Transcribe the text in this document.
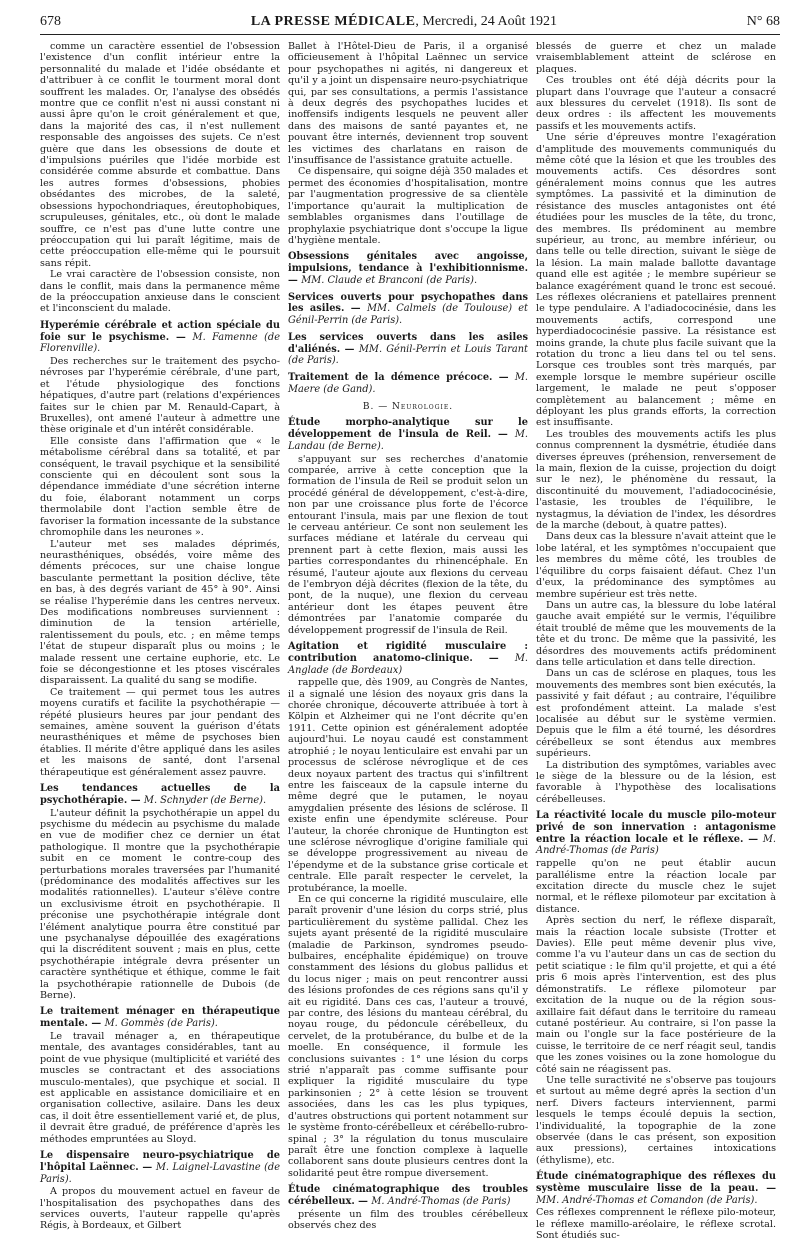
678	LA PRESSE MÉDICALE, Mercredi, 24 Août 1921	N° 68

comme un caractère essentiel de l'obsession l'existence d'un conflit intérieur entre la personnalité du malade et l'idée obsédante et d'attribuer à ce conflit le tourment moral dont souffrent les malades. Or, l'analyse des obsédés montre que ce conflit n'est ni aussi constant ni aussi âpre qu'on le croit généralement et que, dans la majorité des cas, il n'est nullement responsable des angoisses des sujets. Ce n'est guère que dans les obsessions de doute et d'impulsions puériles que l'idée morbide est considérée comme absurde et combattue. Dans les autres formes d'obsessions, phobies obsédantes des microbes, de la saleté, obsessions hypochondriaques, éreutophobiques, scrupuleuses, génitales, etc., où dont le malade souffre, ce n'est pas d'une lutte contre une préoccupation qui lui paraît légitime, mais de cette préoccupation elle-même qui le poursuit sans répit.

Le vrai caractère de l'obsession consiste, non dans le conflit, mais dans la permanence même de la préoccupation anxieuse dans le conscient et l'inconscient du malade.

Hyperémie cérébrale et action spéciale du foie sur le psychisme. — M. Famenne (de Florenville).

Des recherches sur le traitement des psycho-névroses par l'hyperémie cérébrale, d'une part, et l'étude physiologique des fonctions hépatiques, d'autre part (relations d'expériences faites sur le chien par M. Renauld-Capart, à Bruxelles), ont amené l'auteur à admettre une thèse originale et d'un intérêt considérable.

Elle consiste dans l'affirmation que « le métabolisme cérébral dans sa totalité, et par conséquent, le travail psychique et la sensibilité consciente qui en découlent sont sous la dépendance immédiate d'une sécrétion interne du foie, élaborant notamment un corps thermolabile dont l'action semble être de favoriser la formation incessante de la substance chromophile dans les neurones ».

L'auteur met ses malades déprimés, neurasthéniques, obsédés, voire même des déments précoces, sur une chaise longue basculante permettant la position déclive, tête en bas, à des degrés variant de 45° à 90°. Ainsi se réalise l'hyperémie dans les centres nerveux. Des modifications nombreuses surviennent : diminution de la tension artérielle, ralentissement du pouls, etc. ; en même temps l'état de stupeur disparaît plus ou moins ; le malade ressent une certaine euphorie, etc. Le foie se décongestionne et les ptoses viscérales disparaissent. La qualité du sang se modifie.

Ce traitement — qui permet tous les autres moyens curatifs et facilite la psychothérapie — répété plusieurs heures par jour pendant des semaines, amène souvent la guérison d'états neurasthéniques et même de psychoses bien établies. Il mérite d'être appliqué dans les asiles et les maisons de santé, dont l'arsenal thérapeutique est généralement assez pauvre.

Les tendances actuelles de la psychothérapie. — M. Schnyder (de Berne).

L'auteur définit la psychothérapie un appel du psychisme du médecin au psychisme du malade en vue de modifier chez ce dernier un état pathologique. Il montre que la psychothérapie subit en ce moment le contre-coup des perturbations morales traversées par l'humanité (prédominance des modalités affectives sur les modalités rationnelles). L'auteur s'élève contre un exclusivisme étroit en psychothérapie. Il préconise une psychothérapie intégrale dont l'élément analytique pourra être constitué par une psychanalyse dépouillée des exagérations qui la discréditent souvent ; mais en plus, cette psychothérapie intégrale devra présenter un caractère synthétique et éthique, comme le fait la psychothérapie rationnelle de Dubois (de Berne).

Le traitement ménager en thérapeutique mentale. — M. Gommès (de Paris).

Le travail ménager a, en thérapeutique mentale, des avantages considérables, tant au point de vue physique (multiplicité et variété des muscles se contractant et des associations musculo-mentales), que psychique et social. Il est applicable en assistance domiciliaire et en organisation collective, asilaire. Dans les deux cas, il doit être essentiellement varié et, de plus, il devrait être gradué, de préférence d'après les méthodes empruntées au Sloyd.

Le dispensaire neuro-psychiatrique de l'hôpital Laënnec. — M. Laignel-Lavastine (de Paris).

A propos du mouvement actuel en faveur de l'hospitalisation des psychopathes dans des services ouverts, l'auteur rappelle qu'après Régis, à Bordeaux, et Gilbert

Ballet à l'Hôtel-Dieu de Paris, il a organisé officieusement à l'hôpital Laënnec un service pour psychopathes ni agités, ni dangereux et qu'il y a joint un dispensaire neuro-psychiatrique qui, par ses consultations, a permis l'assistance à deux degrés des psychopathes lucides et inoffensifs indigents lesquels ne peuvent aller dans des maisons de santé payantes et, ne pouvant être internés, deviennent trop souvent les victimes des charlatans en raison de l'insuffisance de l'assistance gratuite actuelle.

Ce dispensaire, qui soigne déjà 350 malades et permet des économies d'hospitalisation, montre par l'augmentation progressive de sa clientèle l'importance qu'aurait la multiplication de semblables organismes dans l'outillage de prophylaxie psychiatrique dont s'occupe la ligue d'hygiène mentale.

Obsessions génitales avec angoisse, impulsions, tendance à l'exhibitionnisme. — MM. Claude et Branconi (de Paris).
Services ouverts pour psychopathes dans les asiles. — MM. Calmels (de Toulouse) et Génil-Perrin (de Paris).
Les services ouverts dans les asiles d'aliénés. — MM. Génil-Perrin et Louis Tarant (de Paris).
Traitement de la démence précoce. — M. Maere (de Gand).
B. — Neurologie.
Étude morpho-analytique sur le développement de l'insula de Reil. — M. Landau (de Berne).

s'appuyant sur ses recherches d'anatomie comparée, arrive à cette conception que la formation de l'insula de Reil se produit selon un procédé général de développement, c'est-à-dire, non par une croissance plus forte de l'écorce entourant l'insula, mais par une flexion de tout le cerveau antérieur. Ce sont non seulement les surfaces médiane et latérale du cerveau qui prennent part à cette flexion, mais aussi les parties correspondantes du rhinencéphale. En résumé, l'auteur ajoute aux flexions du cerveau de l'embryon déjà décrites (flexion de la tête, du pont, de la nuque), une flexion du cerveau antérieur dont les étapes peuvent être démontrées par l'anatomie comparée du développement progressif de l'insula de Reil.

Agitation et rigidité musculaire : contribution anatomo-clinique. — M. Anglade (de Bordeaux)

rappelle que, dès 1909, au Congrès de Nantes, il a signalé une lésion des noyaux gris dans la chorée chronique, découverte attribuée à tort à Kölpin et Alzheimer qui ne l'ont décrite qu'en 1911. Cette opinion est généralement adoptée aujourd'hui. Le noyau caudé est constamment atrophié ; le noyau lenticulaire est envahi par un processus de sclérose névroglique et de ces deux noyaux partent des tractus qui s'infiltrent entre les faisceaux de la capsule interne du même degré que le putamen, le noyau amygdalien présente des lésions de sclérose. Il existe enfin une épendymite scléreuse. Pour l'auteur, la chorée chronique de Huntington est une sclérose névroglique d'origine familiale qui se développe progressivement au niveau de l'épendyme et de la substance grise corticale et centrale. Elle paraît respecter le cervelet, la protubérance, la moelle.

En ce qui concerne la rigidité musculaire, elle paraît provenir d'une lésion du corps strié, plus particulièrement du système pallidal. Chez les sujets ayant présenté de la rigidité musculaire (maladie de Parkinson, syndromes pseudo-bulbaires, encéphalite épidémique) on trouve constamment des lésions du globus pallidus et du locus niger ; mais on peut rencontrer aussi des lésions profondes de ces régions sans qu'il y ait eu rigidité. Dans ces cas, l'auteur a trouvé, par contre, des lésions du manteau cérébral, du noyau rouge, du pédoncule cérébelleux, du cervelet, de la protubérance, du bulbe et de la moelle. En conséquence, il formule les conclusions suivantes : 1° une lésion du corps strié n'apparaît pas comme suffisante pour expliquer la rigidité musculaire du type parkinsonien ; 2° à cette lésion se trouvent associées, dans les cas les plus typiques, d'autres obstructions qui portent notamment sur le système fronto-cérébelleux et cérébello-rubro-spinal ; 3° la régulation du tonus musculaire paraît être une fonction complexe à laquelle collaborent sans doute plusieurs centres dont la solidarité peut être rompue diversement.

Étude cinématographique des troubles cérébelleux. — M. André-Thomas (de Paris)

présente un film des troubles cérébelleux observés chez des

blessés de guerre et chez un malade vraisemblablement atteint de sclérose en plaques.

Ces troubles ont été déjà décrits pour la plupart dans l'ouvrage que l'auteur a consacré aux blessures du cervelet (1918). Ils sont de deux ordres : ils affectent les mouvements passifs et les mouvements actifs.

Une série d'épreuves montre l'exagération d'amplitude des mouvements communiqués du même côté que la lésion et que les troubles des mouvements actifs. Ces désordres sont généralement moins connus que les autres symptômes. La passivité et la diminution de résistance des muscles antagonistes ont été étudiées pour les muscles de la tête, du tronc, des membres. Ils prédominent au membre supérieur, au tronc, au membre inférieur, ou dans telle ou telle direction, suivant le siège de la lésion. La main malade ballotte davantage quand elle est agitée ; le membre supérieur se balance exagérément quand le tronc est secoué. Les réflexes olécraniens et patellaires prennent le type pendulaire. A l'adiadococinésie, dans les mouvements actifs, correspond une hyperdiadococinésie passive. La résistance est moins grande, la chute plus facile suivant que la rotation du tronc a lieu dans tel ou tel sens. Lorsque ces troubles sont très marqués, par exemple lorsque le membre supérieur oscille largement, le malade ne peut s'opposer complètement au balancement ; même en déployant les plus grands efforts, la correction est insuffisante.

Les troubles des mouvements actifs les plus connus comprennent la dysmétrie, étudiée dans diverses épreuves (préhension, renversement de la main, flexion de la cuisse, projection du doigt sur le nez), le phénomène du ressaut, la discontinuité du mouvement, l'adiadococinésie, l'astasie, les troubles de l'équilibre, le nystagmus, la déviation de l'index, les désordres de la marche (debout, à quatre pattes).

Dans deux cas la blessure n'avait atteint que le lobe latéral, et les symptômes n'occupaient que les membres du même côté, les troubles de l'équilibre du corps faisaient défaut. Chez l'un d'eux, la prédominance des symptômes au membre supérieur est très nette.

Dans un autre cas, la blessure du lobe latéral gauche avait empiété sur le vermis, l'équilibre était troublé de même que les mouvements de la tête et du tronc. De même que la passivité, les désordres des mouvements actifs prédominent dans telle articulation et dans telle direction.

Dans un cas de sclérose en plaques, tous les mouvements des membres sont bien exécutés, la passivité y fait défaut ; au contraire, l'équilibre est profondément atteint. La malade s'est localisée au début sur le système vermien. Depuis que le film a été tourné, les désordres cérébelleux se sont étendus aux membres supérieurs.

La distribution des symptômes, variables avec le siège de la blessure ou de la lésion, est favorable à l'hypothèse des localisations cérébelleuses.

La réactivité locale du muscle pilo-moteur privé de son innervation : antagonisme entre la réaction locale et le réflexe. — M. André-Thomas (de Paris)

rappelle qu'on ne peut établir aucun parallélisme entre la réaction locale par excitation directe du muscle chez le sujet normal, et le réflexe pilomoteur par excitation à distance.

Après section du nerf, le réflexe disparaît, mais la réaction locale subsiste (Trotter et Davies). Elle peut même devenir plus vive, comme l'a vu l'auteur dans un cas de section du petit sciatique : le film qu'il projette, et qui a été pris 6 mois après l'intervention, est des plus démonstratifs. Le réflexe pilomoteur par excitation de la nuque ou de la région sous-axillaire fait défaut dans le territoire du rameau cutané postérieur. Au contraire, si l'on passe la main ou l'ongle sur la face postérieure de la cuisse, le territoire de ce nerf réagit seul, tandis que les zones voisines ou la zone homologue du côté sain ne réagissent pas.

Une telle suractivité ne s'observe pas toujours et surtout au même degré après la section d'un nerf. Divers facteurs interviennent, parmi lesquels le temps écoulé depuis la section, l'individualité, la topographie de la zone observée (dans le cas présent, son exposition aux pressions), certaines intoxications (éthylisme), etc.

Étude cinématographique des réflexes du système musculaire lisse de la peau. — MM. André-Thomas et Comandon (de Paris).

Ces réflexes comprennent le réflexe pilo-moteur, le réflexe mamillo-aréolaire, le réflexe scrotal. Sont étudiés suc-
